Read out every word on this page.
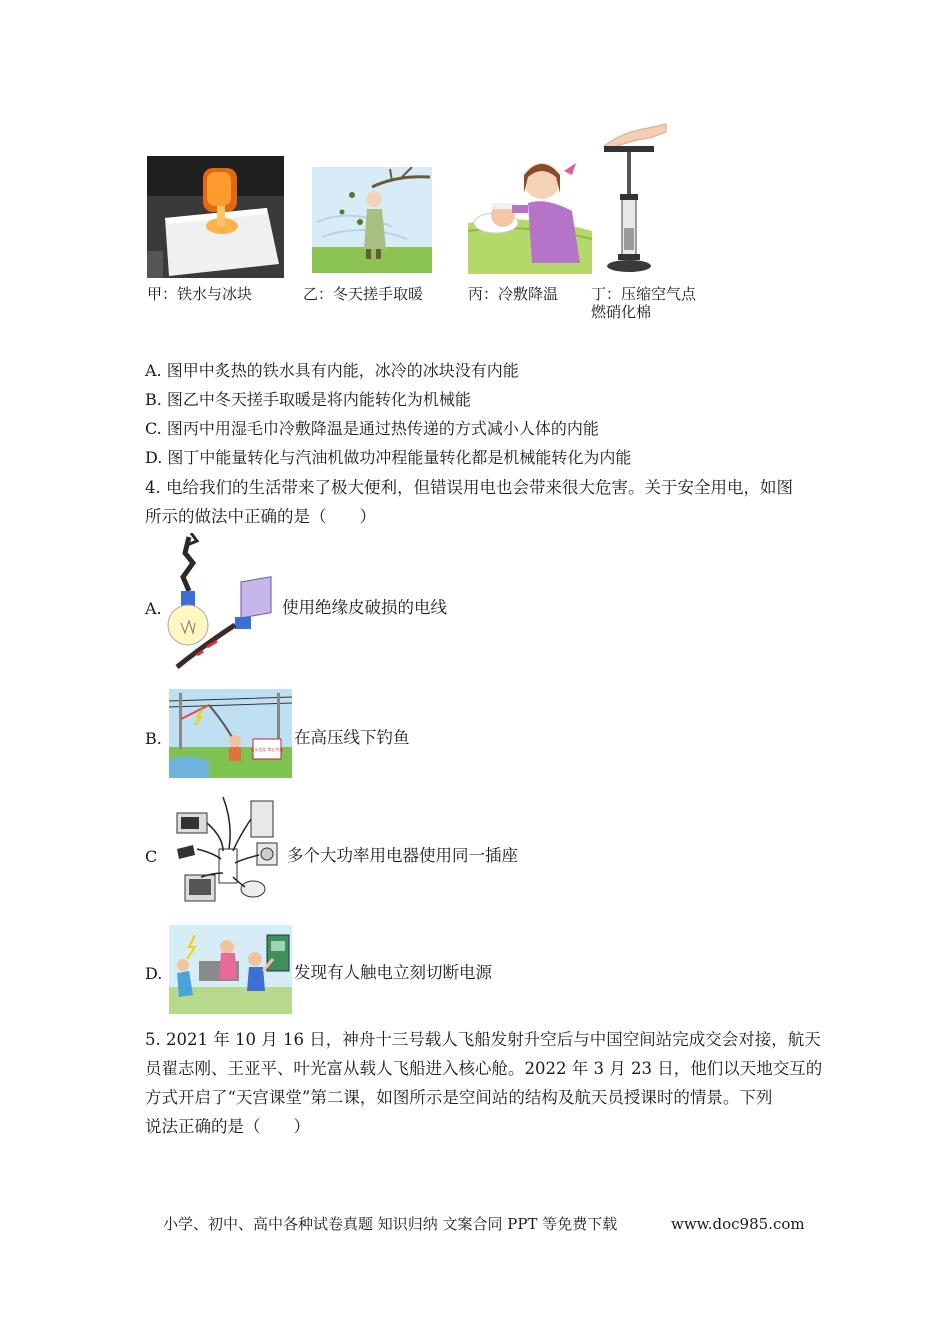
甲：铁水与冰块	乙：冬天搓手取暖	丙：冷敷降温 丁：压缩空气点
燃硝化棉
A. 图甲中炙热的铁水具有内能，冰冷的冰块没有内能
B. 图乙中冬天搓手取暖是将内能转化为机械能
C. 图丙中用湿毛巾冷敷降温是通过热传递的方式减小人体的内能
D. 图丁中能量转化与汽油机做功冲程能量转化都是机械能转化为内能
4. 电给我们的生活带来了极大便利，但错误用电也会带来很大危害。关于安全用电，如图
所示的做法中正确的是（　　）
A.	使用绝缘皮破损的电线
B.
高压危险 禁止钓鱼
在高压线下钓鱼
C	多个大功率用电器使用同一插座
D.	发现有人触电立刻切断电源
5. 2021 年 10 月 16 日，神舟十三号载人飞船发射升空后与中国空间站完成交会对接，航天
员翟志刚、王亚平、叶光富从载人飞船进入核心舱。2022 年 3 月 23 日，他们以天地交互的
方式开启了“天宫课堂”第二课，如图所示是空间站的结构及航天员授课时的情景。下列
说法正确的是（　　）
小学、初中、高中各种试卷真题 知识归纳 文案合同 PPT 等免费下载	www.doc985.com
